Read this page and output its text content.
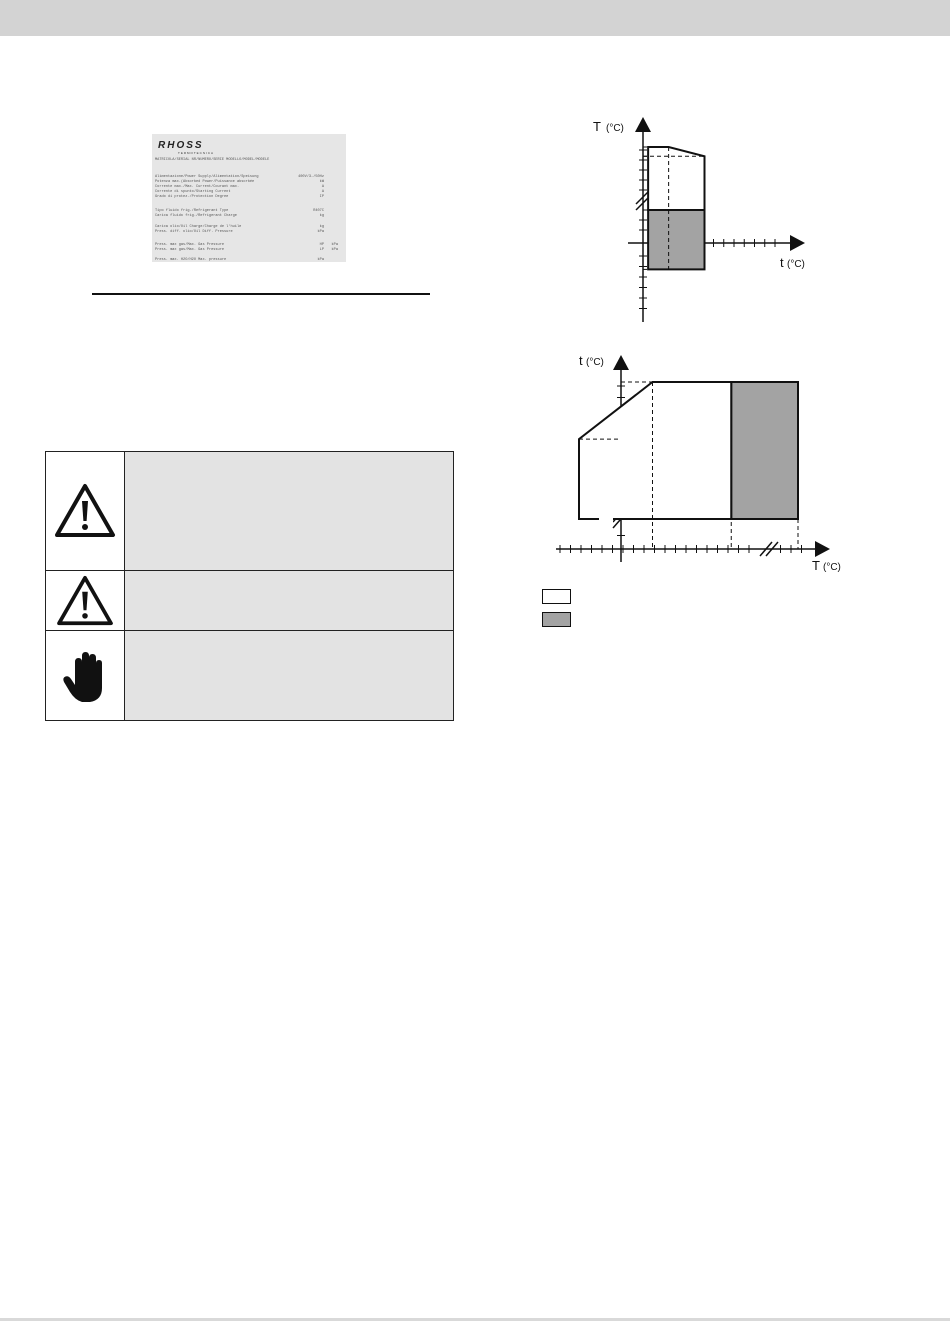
RHOSS
TERMOTECNICA
MATRICOLA/SERIAL NR/NUMERO/SERIE MODELLO/MODEL/MODELE
Alimentazione/Power Supply/Alimentation/Speisung	400V/3-/50Hz
Potenza max.(Absorbed Power/Puissance absorbée	kW
Corrente max./Max. Current/Courant max.	A
Corrente di spunto/Starting Current	A
Grado di protez./Protection Degree	IP
Tipo fluido frig./Refrigerant Type	R407C
Carica fluido frig./Refrigerant Charge	kg
Carica olio/Oil Charge/Charge de l'huile	kg
Press. diff. olio/Oil Diff. Pressure	kPa
Press. max gas/Max. Gas Pressure	HP kPa
Press. max gas/Max. Gas Pressure	LP kPa
Press. max. H2O/H2O Max. pressure	kPa
T (°C)
t (°C)
t (°C)
T (°C)
